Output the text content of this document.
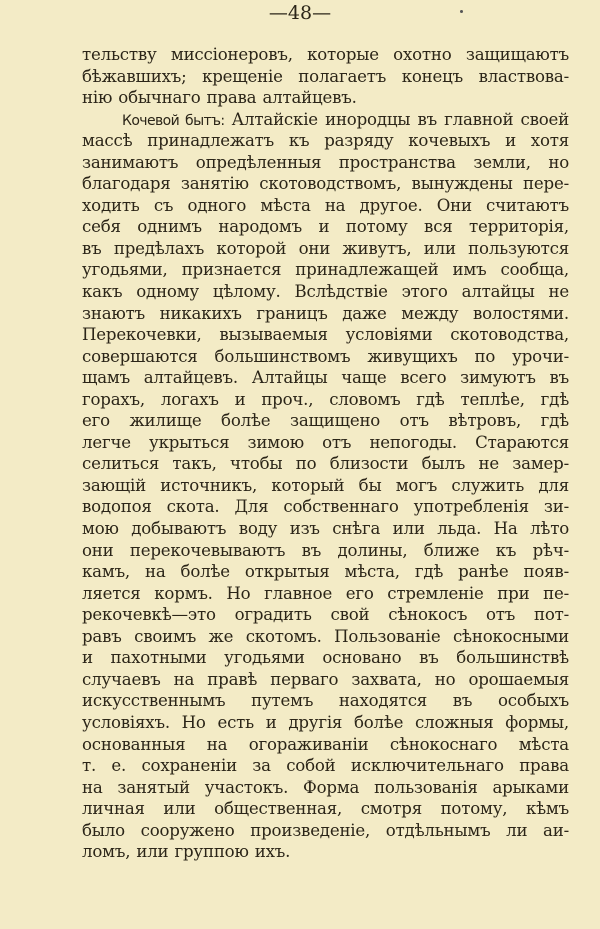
—48—
тельству миссіонеровъ, которые охотно защищаютъ
бѣжавшихъ; крещеніе полагаетъ конецъ властвова-
нію обычнаго права алтайцевъ.
Кочевой бытъ: Алтайскіе инородцы въ главной своей
массѣ принадлежатъ къ разряду кочевыхъ и хотя
занимаютъ опредѣленныя пространства земли, но
благодаря занятію скотоводствомъ, вынуждены пере-
ходить съ одного мѣста на другое. Они считаютъ
себя однимъ народомъ и потому вся территорія,
въ предѣлахъ которой они живутъ, или пользуются
угодьями, признается принадлежащей имъ сообща,
какъ одному цѣлому. Вслѣдствіе этого алтайцы не
знаютъ никакихъ границъ даже между волостями.
Перекочевки, вызываемыя условіями скотоводства,
совершаются большинствомъ живущихъ по урочи-
щамъ алтайцевъ. Алтайцы чаще всего зимуютъ въ
горахъ, логахъ и проч., словомъ гдѣ теплѣе, гдѣ
его жилище болѣе защищено отъ вѣтровъ, гдѣ
легче укрыться зимою отъ непогоды. Стараются
селиться такъ, чтобы по близости былъ не замер-
зающій источникъ, который бы могъ служить для
водопоя скота. Для собственнаго употребленія зи-
мою добываютъ воду изъ снѣга или льда. На лѣто
они перекочевываютъ въ долины, ближе къ рѣч-
камъ, на болѣе открытыя мѣста, гдѣ ранѣе появ-
ляется кормъ. Но главное его стремленіе при пе-
рекочевкѣ—это оградить свой сѣнокосъ отъ пот-
равъ своимъ же скотомъ. Пользованіе сѣнокосными
и пахотными угодьями основано въ большинствѣ
случаевъ на правѣ перваго захвата, но орошаемыя
искусственнымъ путемъ находятся въ особыхъ
условіяхъ. Но есть и другія болѣе сложныя формы,
основанныя на огораживаніи сѣнокоснаго мѣста
т. е. сохраненіи за собой исключительнаго права
на занятый участокъ. Форма пользованія арыками
личная или общественная, смотря потому, кѣмъ
было сооружено произведеніе, отдѣльнымъ ли аи-
ломъ, или группою ихъ.
